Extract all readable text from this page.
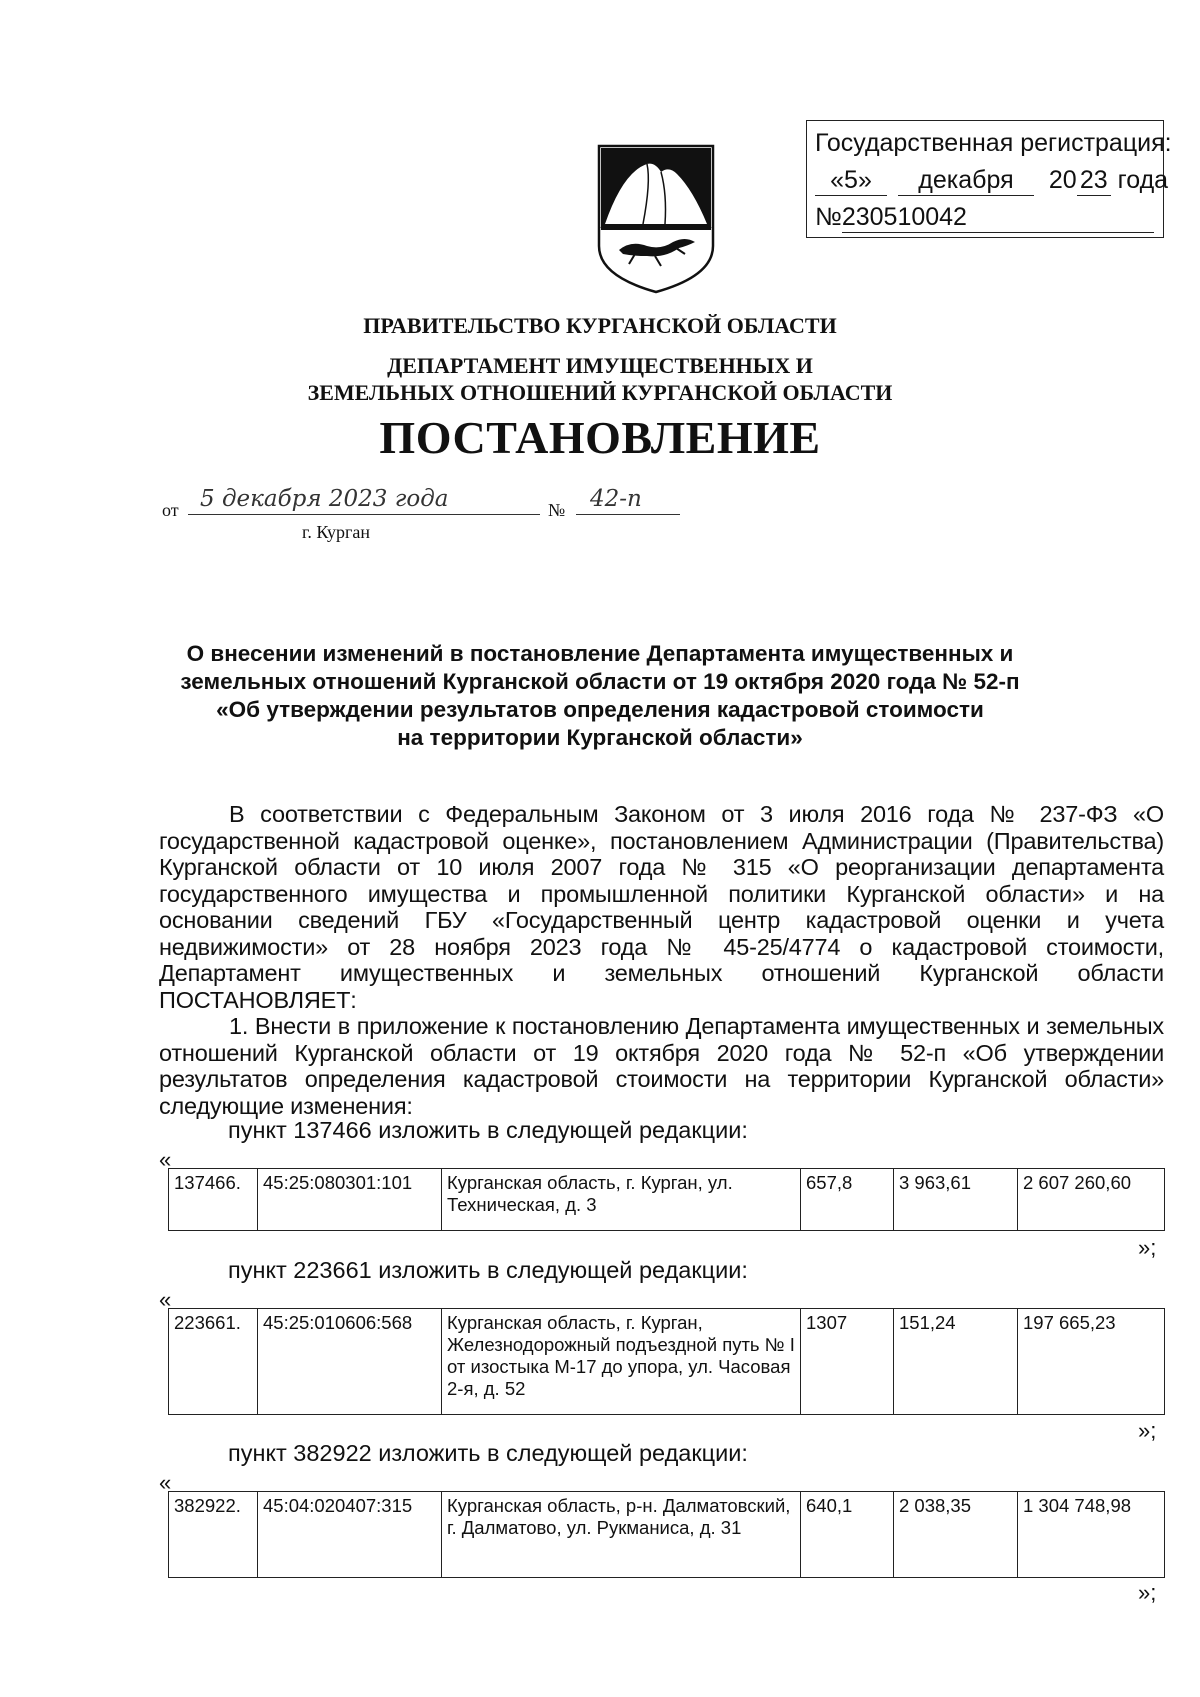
Государственная регистрация:
«5» декабря 20 23 года
№230510042
ПРАВИТЕЛЬСТВО КУРГАНСКОЙ ОБЛАСТИ
ДЕПАРТАМЕНТ ИМУЩЕСТВЕННЫХ И
ЗЕМЕЛЬНЫХ ОТНОШЕНИЙ КУРГАНСКОЙ ОБЛАСТИ
ПОСТАНОВЛЕНИЕ
от 5 декабря 2023 года	№ 42-п
г. Курган
О внесении изменений в постановление Департамента имущественных и
земельных отношений Курганской области от 19 октября 2020 года № 52-п
«Об утверждении результатов определения кадастровой стоимости
на территории Курганской области»
В соответствии с Федеральным Законом от 3 июля 2016 года № 237-ФЗ «О государственной кадастровой оценке», постановлением Администрации (Правительства) Курганской области от 10 июля 2007 года № 315 «О реорганизации департамента государственного имущества и промышленной политики Курганской области» и на основании сведений ГБУ «Государственный центр кадастровой оценки и учета недвижимости» от 28 ноября 2023 года № 45-25/4774 о кадастровой стоимости, Департамент имущественных и земельных отношений Курганской области ПОСТАНОВЛЯЕТ:
1. Внести в приложение к постановлению Департамента имущественных и земельных отношений Курганской области от 19 октября 2020 года № 52-п «Об утверждении результатов определения кадастровой стоимости на территории Курганской области» следующие изменения:
пункт 137466 изложить в следующей редакции:
«
137466.	45:25:080301:101	Курганская область, г. Курган, ул. Техническая, д. 3	657,8	3 963,61	2 607 260,60
»;
пункт 223661 изложить в следующей редакции:
«
223661.	45:25:010606:568	Курганская область, г. Курган, Железнодорожный подъездной путь № I от изостыка М-17 до упора, ул. Часовая 2-я, д. 52	1307	151,24	197 665,23
»;
пункт 382922 изложить в следующей редакции:
«
382922.	45:04:020407:315	Курганская область, р-н. Далматовский, г. Далматово, ул. Рукманиса, д. 31	640,1	2 038,35	1 304 748,98
»;
